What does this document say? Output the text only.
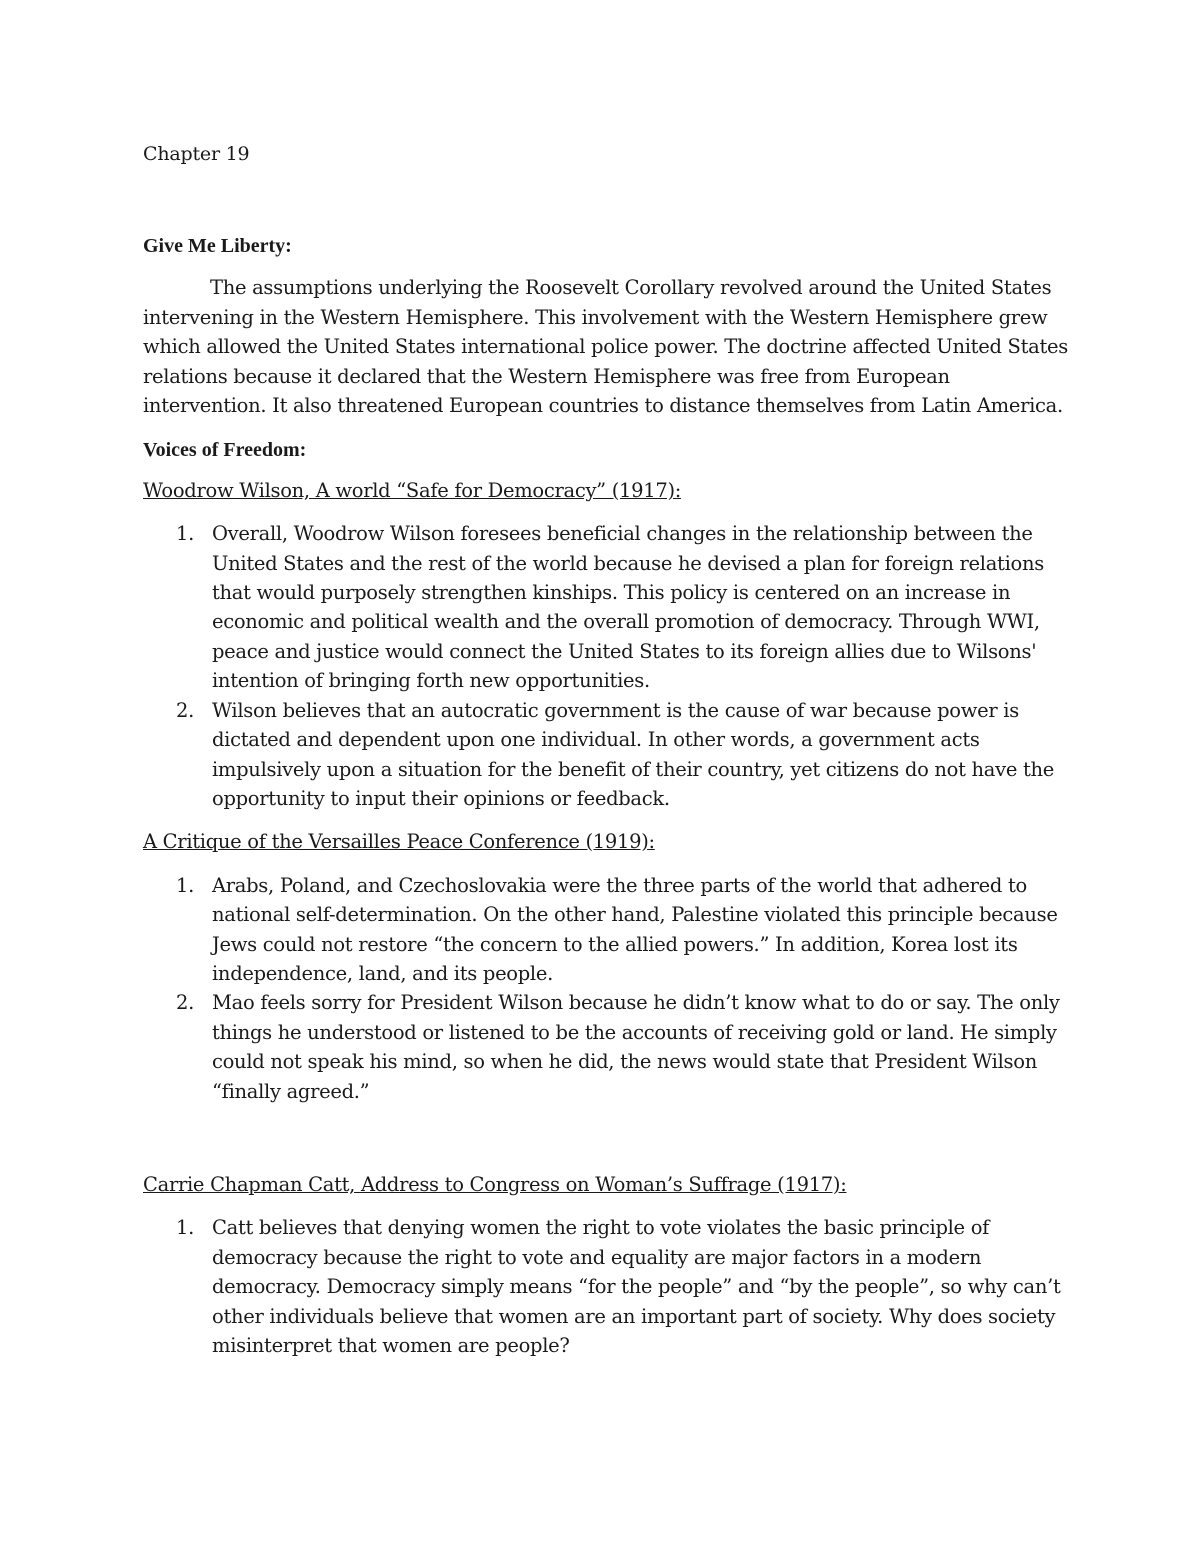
Chapter 19

Give Me Liberty:

The assumptions underlying the Roosevelt Corollary revolved around the United States intervening in the Western Hemisphere. This involvement with the Western Hemisphere grew which allowed the United States international police power. The doctrine affected United States relations because it declared that the Western Hemisphere was free from European intervention. It also threatened European countries to distance themselves from Latin America.

Voices of Freedom:

Woodrow Wilson, A world “Safe for Democracy” (1917):

1. Overall, Woodrow Wilson foresees beneficial changes in the relationship between the United States and the rest of the world because he devised a plan for foreign relations that would purposely strengthen kinships. This policy is centered on an increase in economic and political wealth and the overall promotion of democracy. Through WWI, peace and justice would connect the United States to its foreign allies due to Wilsons' intention of bringing forth new opportunities.
2. Wilson believes that an autocratic government is the cause of war because power is dictated and dependent upon one individual. In other words, a government acts impulsively upon a situation for the benefit of their country, yet citizens do not have the opportunity to input their opinions or feedback.

A Critique of the Versailles Peace Conference (1919):

1. Arabs, Poland, and Czechoslovakia were the three parts of the world that adhered to national self-determination. On the other hand, Palestine violated this principle because Jews could not restore “the concern to the allied powers.” In addition, Korea lost its independence, land, and its people.
2. Mao feels sorry for President Wilson because he didn’t know what to do or say. The only things he understood or listened to be the accounts of receiving gold or land. He simply could not speak his mind, so when he did, the news would state that President Wilson “finally agreed.”

Carrie Chapman Catt, Address to Congress on Woman’s Suffrage (1917):

1. Catt believes that denying women the right to vote violates the basic principle of democracy because the right to vote and equality are major factors in a modern democracy. Democracy simply means “for the people” and “by the people”, so why can’t other individuals believe that women are an important part of society. Why does society misinterpret that women are people?
